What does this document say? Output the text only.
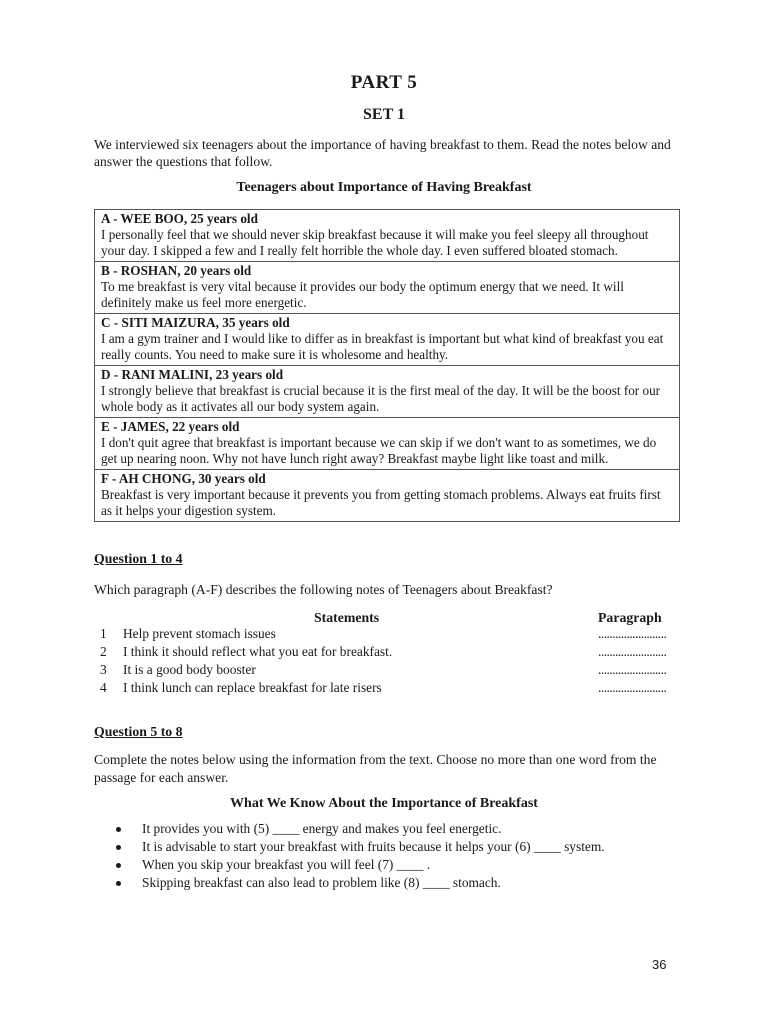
PART 5
SET 1
We interviewed six teenagers about the importance of having breakfast to them. Read the notes below and answer the questions that follow.
Teenagers about Importance of Having Breakfast
A - WEE BOO, 25 years old
I personally feel that we should never skip breakfast because it will make you feel sleepy all throughout your day. I skipped a few and I really felt horrible the whole day. I even suffered bloated stomach.

B - ROSHAN, 20 years old
To me breakfast is very vital because it provides our body the optimum energy that we need. It will definitely make us feel more energetic.

C - SITI MAIZURA, 35 years old
I am a gym trainer and I would like to differ as in breakfast is important but what kind of breakfast you eat really counts. You need to make sure it is wholesome and healthy.

D - RANI MALINI, 23 years old
I strongly believe that breakfast is crucial because it is the first meal of the day. It will be the boost for our whole body as it activates all our body system again.

E - JAMES, 22 years old
I don't quit agree that breakfast is important because we can skip if we don't want to as sometimes, we do get up nearing noon. Why not have lunch right away? Breakfast maybe light like toast and milk.

F - AH CHONG, 30 years old
Breakfast is very important because it prevents you from getting stomach problems. Always eat fruits first as it helps your digestion system.
Question 1 to 4
Which paragraph (A-F) describes the following notes of Teenagers about Breakfast?
Statements	Paragraph
1 Help prevent stomach issues	........................
2 I think it should reflect what you eat for breakfast.	........................
3 It is a good body booster	........................
4 I think lunch can replace breakfast for late risers	........................
Question 5 to 8
Complete the notes below using the information from the text. Choose no more than one word from the passage for each answer.
What We Know About the Importance of Breakfast
It provides you with (5) ____ energy and makes you feel energetic.
It is advisable to start your breakfast with fruits because it helps your (6) ____ system.
When you skip your breakfast you will feel (7) ____ .
Skipping breakfast can also lead to problem like (8) ____ stomach.
36
